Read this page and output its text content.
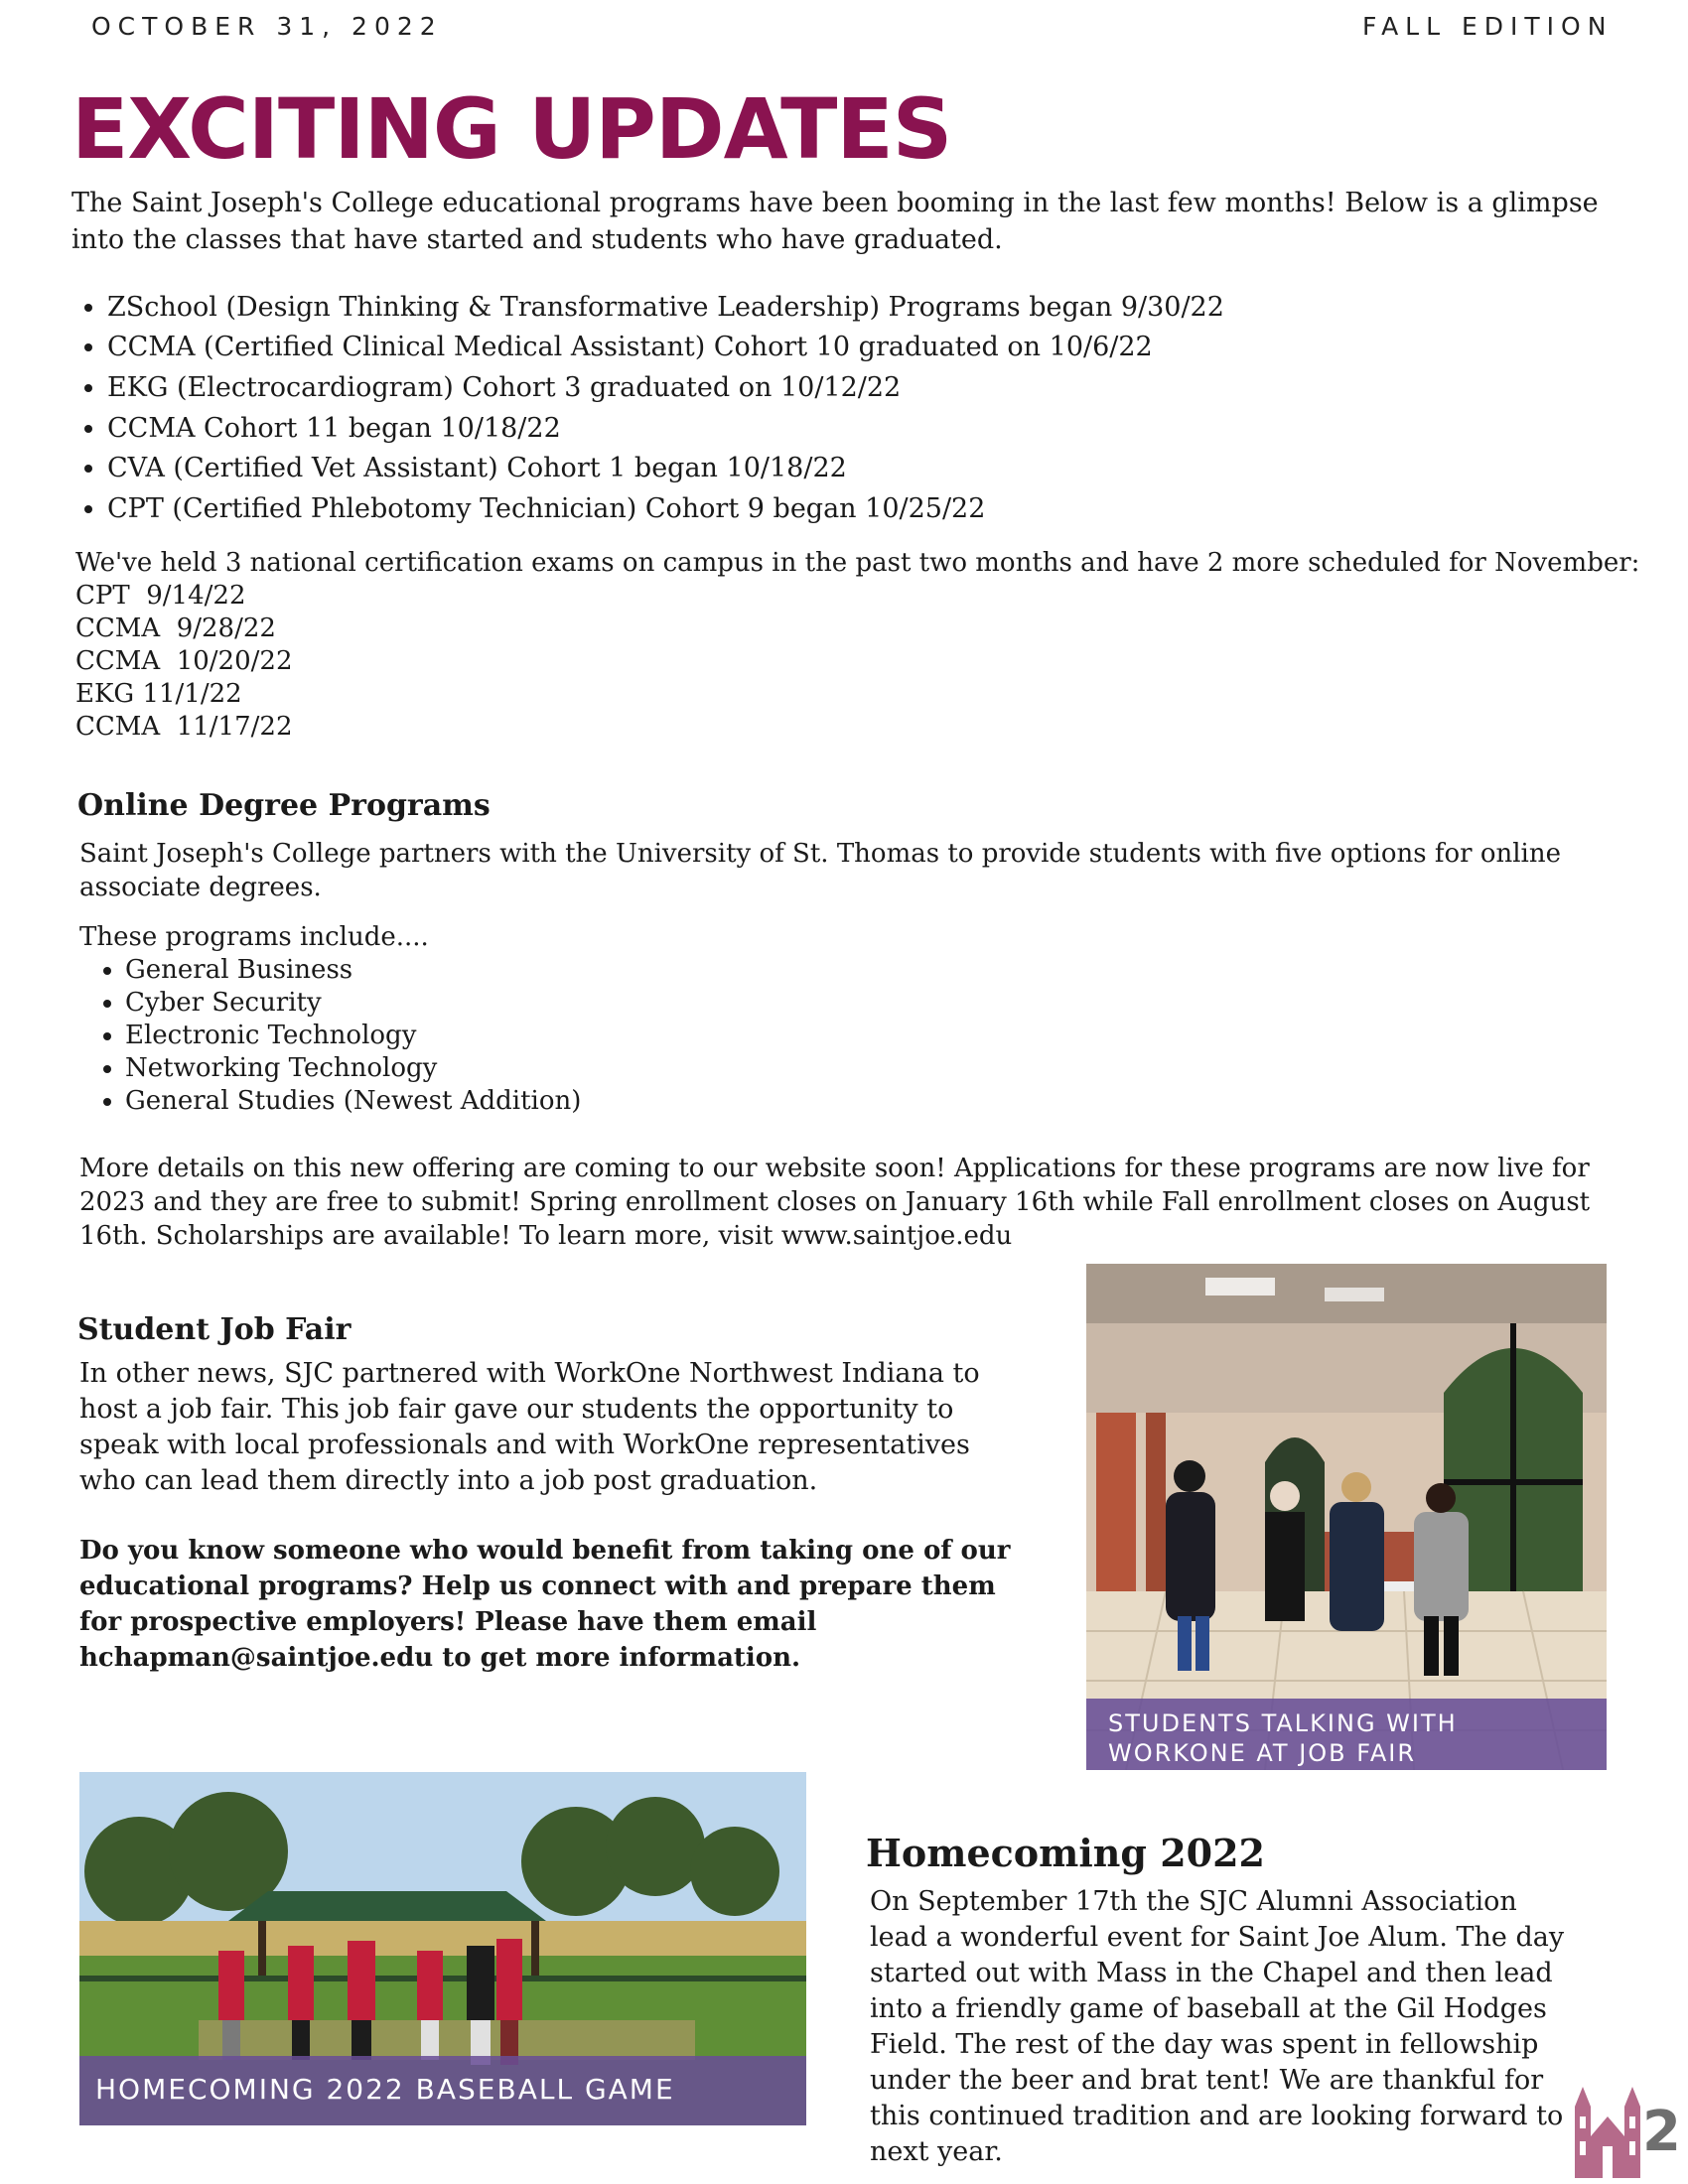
OCTOBER 31, 2022	FALL EDITION
EXCITING UPDATES
The Saint Joseph's College educational programs have been booming in the last few months! Below is a glimpse into the classes that have started and students who have graduated.
• ZSchool (Design Thinking & Transformative Leadership) Programs began 9/30/22
• CCMA (Certified Clinical Medical Assistant) Cohort 10 graduated on 10/6/22
• EKG (Electrocardiogram) Cohort 3 graduated on 10/12/22
• CCMA Cohort 11 began 10/18/22
• CVA (Certified Vet Assistant) Cohort 1 began 10/18/22
• CPT (Certified Phlebotomy Technician) Cohort 9 began 10/25/22
We've held 3 national certification exams on campus in the past two months and have 2 more scheduled for November:
CPT  9/14/22
CCMA  9/28/22
CCMA  10/20/22
EKG 11/1/22
CCMA  11/17/22
Online Degree Programs
Saint Joseph's College partners with the University of St. Thomas to provide students with five options for online associate degrees.
These programs include....
• General Business
• Cyber Security
• Electronic Technology
• Networking Technology
• General Studies (Newest Addition)
More details on this new offering are coming to our website soon! Applications for these programs are now live for 2023 and they are free to submit! Spring enrollment closes on January 16th while Fall enrollment closes on August 16th. Scholarships are available! To learn more, visit www.saintjoe.edu
STUDENTS TALKING WITH
WORKONE AT JOB FAIR
Student Job Fair
In other news, SJC partnered with WorkOne Northwest Indiana to host a job fair. This job fair gave our students the opportunity to speak with local professionals and with WorkOne representatives who can lead them directly into a job post graduation.
Do you know someone who would benefit from taking one of our educational programs? Help us connect with and prepare them for prospective employers! Please have them email hchapman@saintjoe.edu to get more information.
HOMECOMING 2022 BASEBALL GAME
Homecoming 2022
On September 17th the SJC Alumni Association lead a wonderful event for Saint Joe Alum. The day started out with Mass in the Chapel and then lead into a friendly game of baseball at the Gil Hodges Field. The rest of the day was spent in fellowship under the beer and brat tent! We are thankful for this continued tradition and are looking forward to next year.	2
